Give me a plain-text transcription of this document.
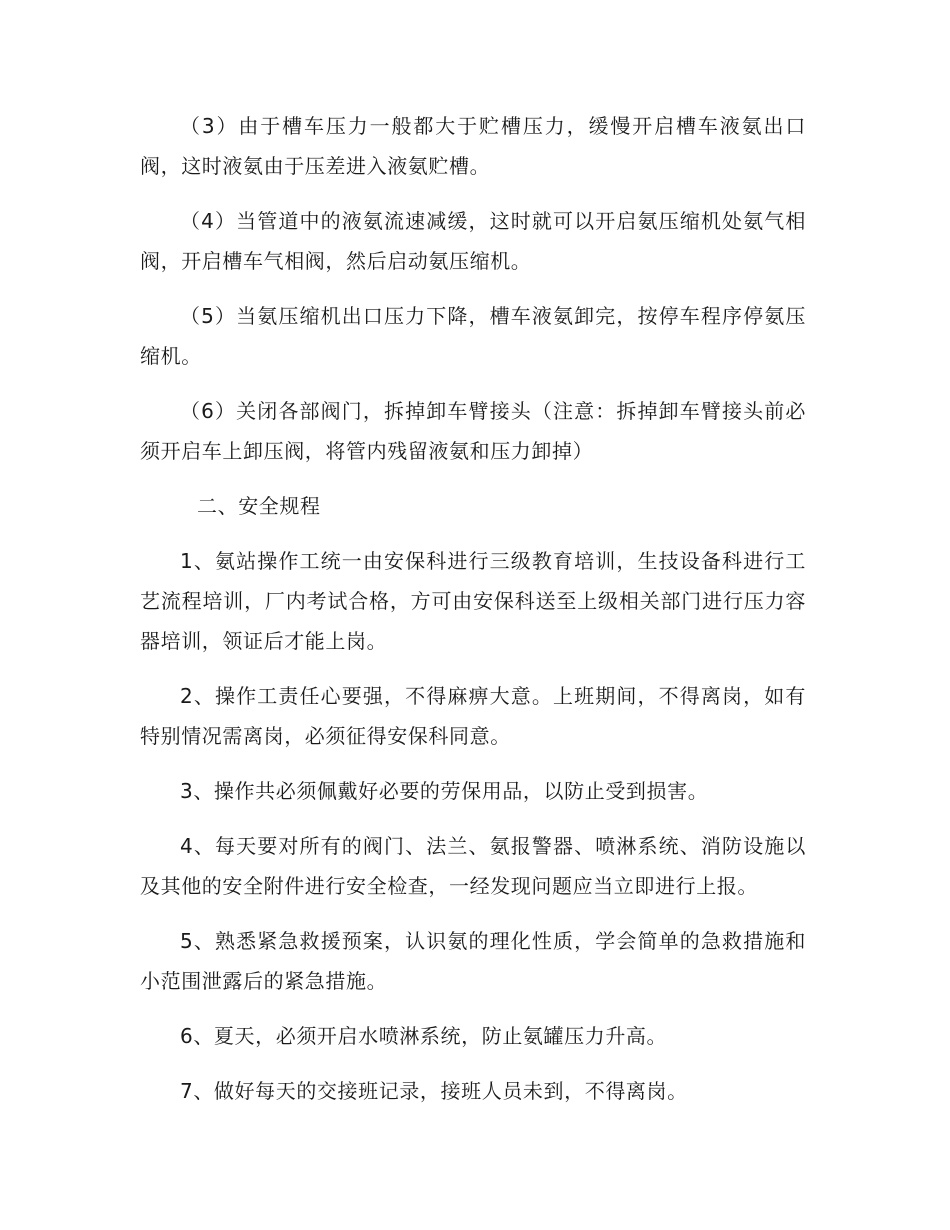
（3）由于槽车压力一般都大于贮槽压力，缓慢开启槽车液氨出口阀，这时液氨由于压差进入液氨贮槽。

（4）当管道中的液氨流速减缓，这时就可以开启氨压缩机处氨气相阀，开启槽车气相阀，然后启动氨压缩机。

（5）当氨压缩机出口压力下降，槽车液氨卸完，按停车程序停氨压缩机。

（6）关闭各部阀门，拆掉卸车臂接头（注意：拆掉卸车臂接头前必须开启车上卸压阀，将管内残留液氨和压力卸掉）

二、安全规程

1、氨站操作工统一由安保科进行三级教育培训，生技设备科进行工艺流程培训，厂内考试合格，方可由安保科送至上级相关部门进行压力容器培训，领证后才能上岗。

2、操作工责任心要强，不得麻痹大意。上班期间，不得离岗，如有特别情况需离岗，必须征得安保科同意。

3、操作共必须佩戴好必要的劳保用品，以防止受到损害。

4、每天要对所有的阀门、法兰、氨报警器、喷淋系统、消防设施以及其他的安全附件进行安全检查，一经发现问题应当立即进行上报。

5、熟悉紧急救援预案，认识氨的理化性质，学会简单的急救措施和小范围泄露后的紧急措施。

6、夏天，必须开启水喷淋系统，防止氨罐压力升高。

7、做好每天的交接班记录，接班人员未到，不得离岗。
